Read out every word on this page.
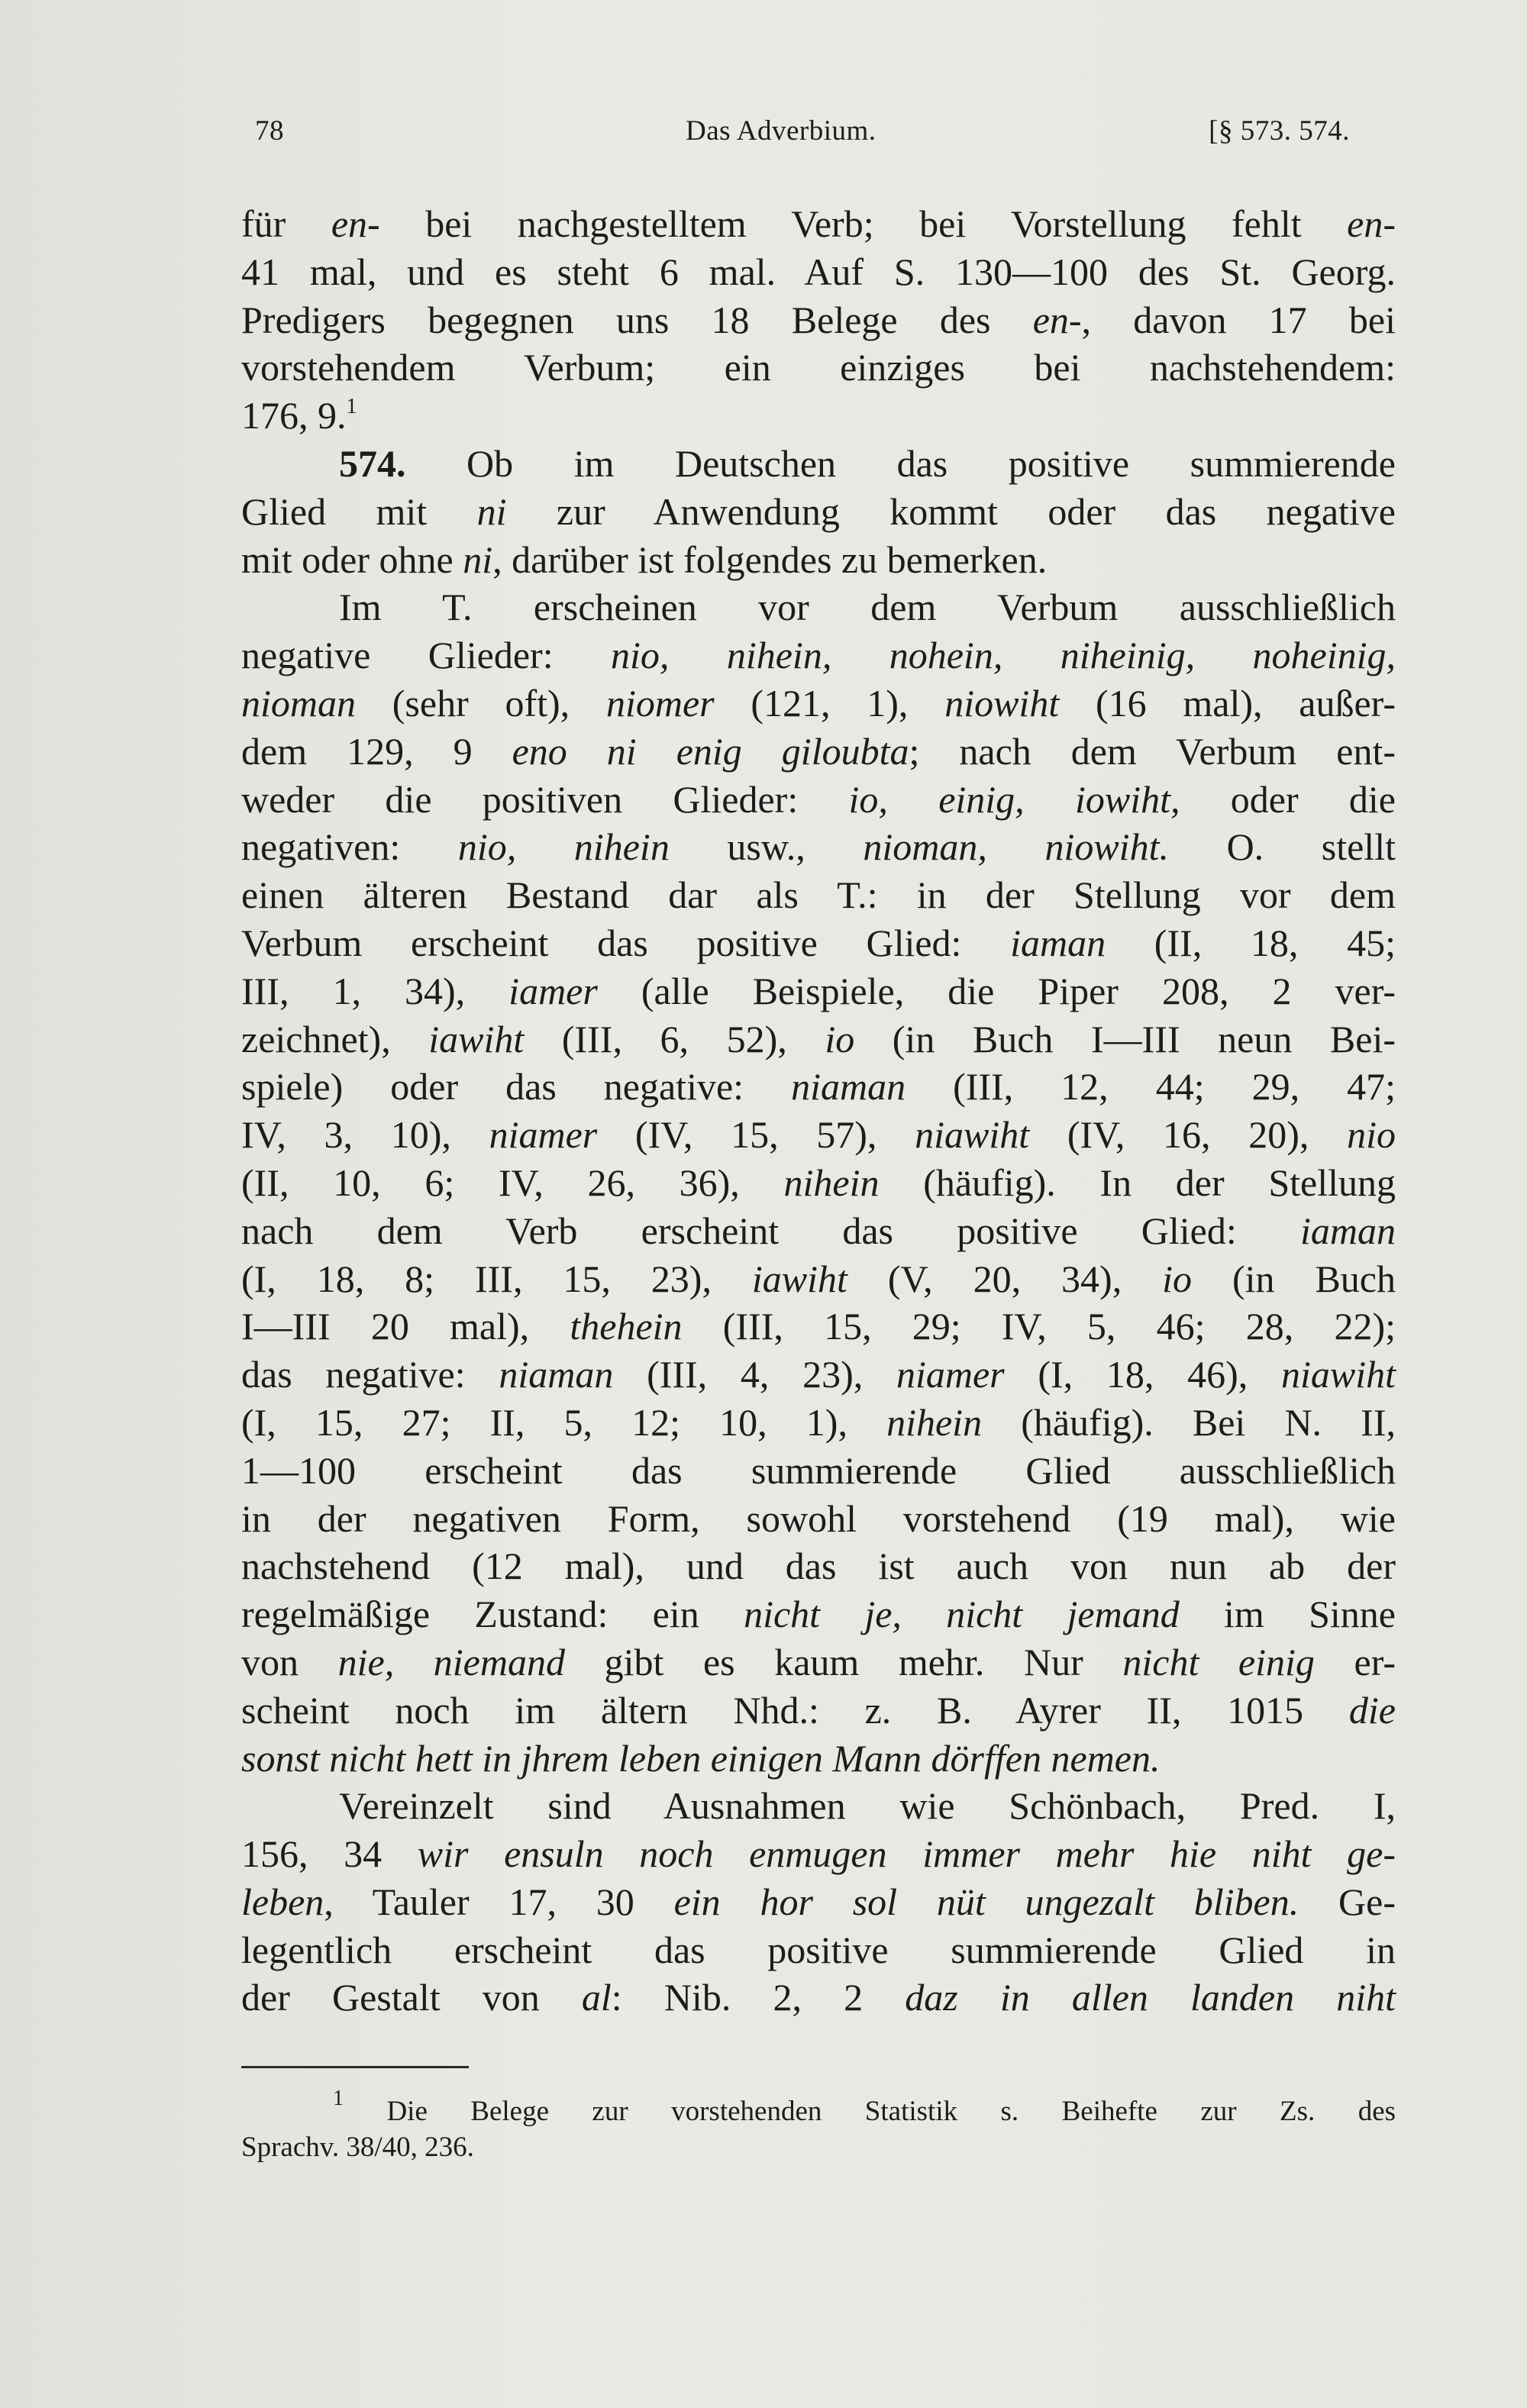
78	Das Adverbium.	[§ 573. 574.
für en- bei nachgestelltem Verb; bei Vorstellung fehlt en-
41 mal, und es steht 6 mal. Auf S. 130—100 des St. Georg.
Predigers begegnen uns 18 Belege des en-, davon 17 bei
vorstehendem Verbum; ein einziges bei nachstehendem:
176, 9.$^1$
574. Ob im Deutschen das positive summierende
Glied mit ni zur Anwendung kommt oder das negative
mit oder ohne ni, darüber ist folgendes zu bemerken.
Im T. erscheinen vor dem Verbum ausschließlich
negative Glieder: nio, nihein, nohein, niheinig, noheinig,
nioman (sehr oft), niomer (121, 1), niowiht (16 mal), außer-
dem 129, 9 eno ni enig giloubta; nach dem Verbum ent-
weder die positiven Glieder: io, einig, iowiht, oder die
negativen: nio, nihein usw., nioman, niowiht. O. stellt
einen älteren Bestand dar als T.: in der Stellung vor dem
Verbum erscheint das positive Glied: iaman (II, 18, 45;
III, 1, 34), iamer (alle Beispiele, die Piper 208, 2 ver-
zeichnet), iawiht (III, 6, 52), io (in Buch I—III neun Bei-
spiele) oder das negative: niaman (III, 12, 44; 29, 47;
IV, 3, 10), niamer (IV, 15, 57), niawiht (IV, 16, 20), nio
(II, 10, 6; IV, 26, 36), nihein (häufig). In der Stellung
nach dem Verb erscheint das positive Glied: iaman
(I, 18, 8; III, 15, 23), iawiht (V, 20, 34), io (in Buch
I—III 20 mal), thehein (III, 15, 29; IV, 5, 46; 28, 22);
das negative: niaman (III, 4, 23), niamer (I, 18, 46), niawiht
(I, 15, 27; II, 5, 12; 10, 1), nihein (häufig). Bei N. II,
1—100 erscheint das summierende Glied ausschließlich
in der negativen Form, sowohl vorstehend (19 mal), wie
nachstehend (12 mal), und das ist auch von nun ab der
regelmäßige Zustand: ein nicht je, nicht jemand im Sinne
von nie, niemand gibt es kaum mehr. Nur nicht einig er-
scheint noch im ältern Nhd.: z. B. Ayrer II, 1015 die
sonst nicht hett in jhrem leben einigen Mann dörffen nemen.
Vereinzelt sind Ausnahmen wie Schönbach, Pred. I,
156, 34 wir ensuln noch enmugen immer mehr hie niht ge-
leben, Tauler 17, 30 ein hor sol nüt ungezalt bliben. Ge-
legentlich erscheint das positive summierende Glied in
der Gestalt von al: Nib. 2, 2 daz in allen landen niht
$^1$ Die Belege zur vorstehenden Statistik s. Beihefte zur Zs. des
Sprachv. 38/40, 236.
